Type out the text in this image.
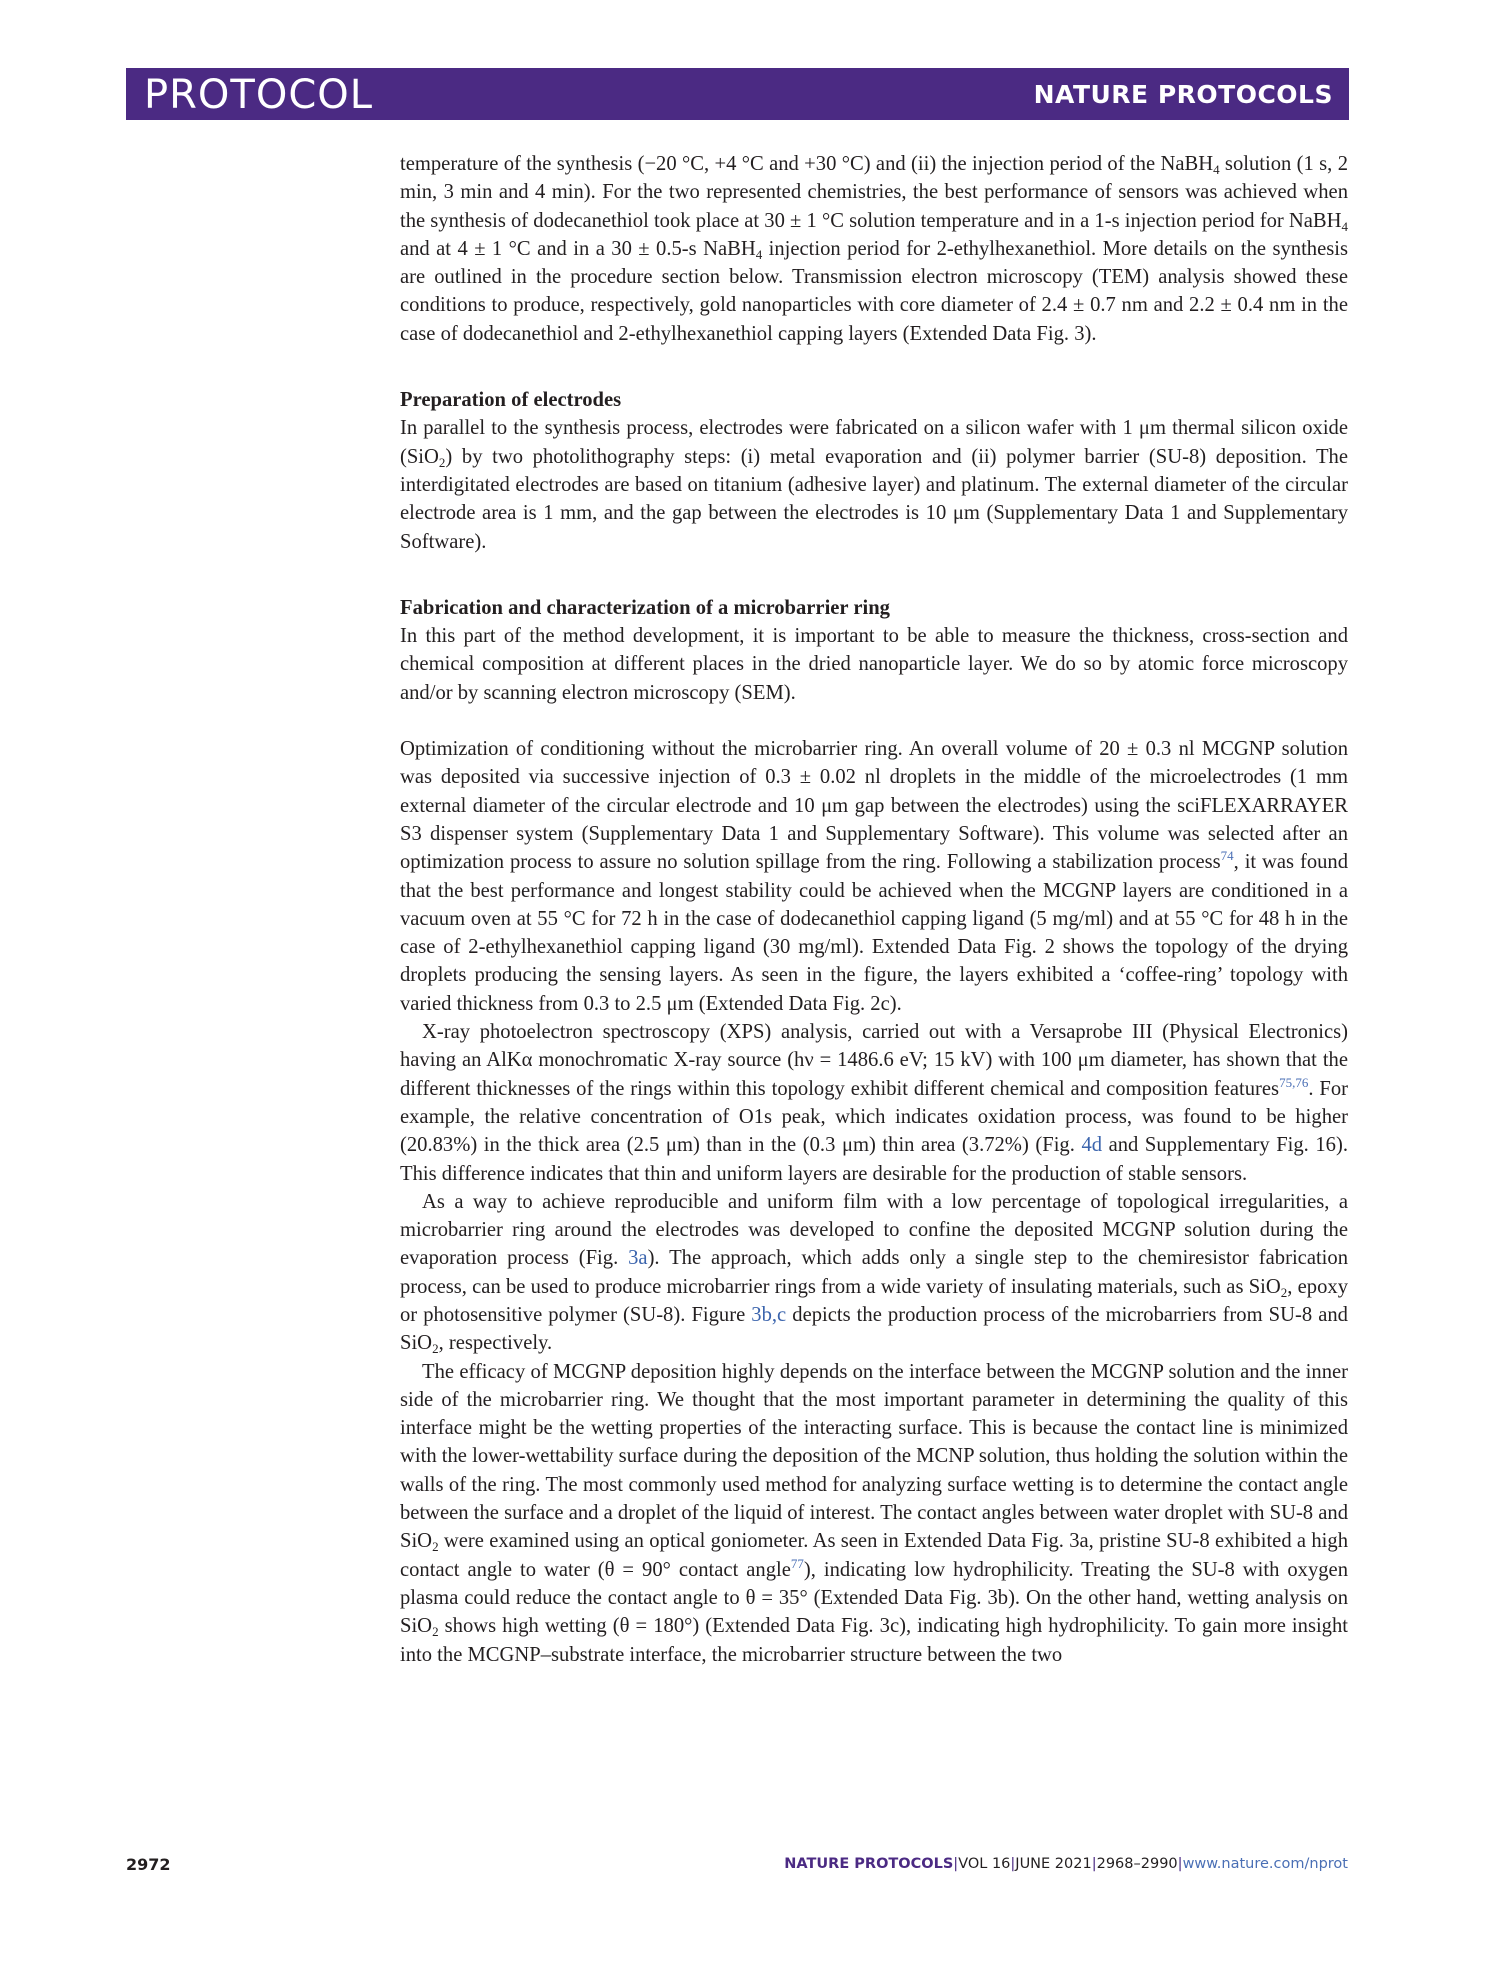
PROTOCOL	NATURE PROTOCOLS

temperature of the synthesis (−20 °C, +4 °C and +30 °C) and (ii) the injection period of the NaBH$_4$ solution (1 s, 2 min, 3 min and 4 min). For the two represented chemistries, the best performance of sensors was achieved when the synthesis of dodecanethiol took place at 30 ± 1 °C solution temperature and in a 1-s injection period for NaBH$_4$ and at 4 ± 1 °C and in a 30 ± 0.5-s NaBH$_4$ injection period for 2-ethylhexanethiol. More details on the synthesis are outlined in the procedure section below. Transmission electron microscopy (TEM) analysis showed these conditions to produce, respectively, gold nanoparticles with core diameter of 2.4 ± 0.7 nm and 2.2 ± 0.4 nm in the case of dodecanethiol and 2-ethylhexanethiol capping layers (Extended Data Fig. 3).

Preparation of electrodes

In parallel to the synthesis process, electrodes were fabricated on a silicon wafer with 1 μm thermal silicon oxide (SiO$_2$) by two photolithography steps: (i) metal evaporation and (ii) polymer barrier (SU-8) deposition. The interdigitated electrodes are based on titanium (adhesive layer) and platinum. The external diameter of the circular electrode area is 1 mm, and the gap between the electrodes is 10 μm (Supplementary Data 1 and Supplementary Software).

Fabrication and characterization of a microbarrier ring

In this part of the method development, it is important to be able to measure the thickness, cross-section and chemical composition at different places in the dried nanoparticle layer. We do so by atomic force microscopy and/or by scanning electron microscopy (SEM).

Optimization of conditioning without the microbarrier ring. An overall volume of 20 ± 0.3 nl MCGNP solution was deposited via successive injection of 0.3 ± 0.02 nl droplets in the middle of the microelectrodes (1 mm external diameter of the circular electrode and 10 μm gap between the electrodes) using the sciFLEXARRAYER S3 dispenser system (Supplementary Data 1 and Supplementary Software). This volume was selected after an optimization process to assure no solution spillage from the ring. Following a stabilization process$^{74}$, it was found that the best performance and longest stability could be achieved when the MCGNP layers are conditioned in a vacuum oven at 55 °C for 72 h in the case of dodecanethiol capping ligand (5 mg/ml) and at 55 °C for 48 h in the case of 2-ethylhexanethiol capping ligand (30 mg/ml). Extended Data Fig. 2 shows the topology of the drying droplets producing the sensing layers. As seen in the figure, the layers exhibited a ‘coffee-ring’ topology with varied thickness from 0.3 to 2.5 μm (Extended Data Fig. 2c).

X-ray photoelectron spectroscopy (XPS) analysis, carried out with a Versaprobe III (Physical Electronics) having an AlKα monochromatic X-ray source (hν = 1486.6 eV; 15 kV) with 100 μm diameter, has shown that the different thicknesses of the rings within this topology exhibit different chemical and composition features$^{75,76}$. For example, the relative concentration of O1s peak, which indicates oxidation process, was found to be higher (20.83%) in the thick area (2.5 μm) than in the (0.3 μm) thin area (3.72%) (Fig. 4d and Supplementary Fig. 16). This difference indicates that thin and uniform layers are desirable for the production of stable sensors.

As a way to achieve reproducible and uniform film with a low percentage of topological irregularities, a microbarrier ring around the electrodes was developed to confine the deposited MCGNP solution during the evaporation process (Fig. 3a). The approach, which adds only a single step to the chemiresistor fabrication process, can be used to produce microbarrier rings from a wide variety of insulating materials, such as SiO$_2$, epoxy or photosensitive polymer (SU-8). Figure 3b,c depicts the production process of the microbarriers from SU-8 and SiO$_2$, respectively.

The efficacy of MCGNP deposition highly depends on the interface between the MCGNP solution and the inner side of the microbarrier ring. We thought that the most important parameter in determining the quality of this interface might be the wetting properties of the interacting surface. This is because the contact line is minimized with the lower-wettability surface during the deposition of the MCNP solution, thus holding the solution within the walls of the ring. The most commonly used method for analyzing surface wetting is to determine the contact angle between the surface and a droplet of the liquid of interest. The contact angles between water droplet with SU-8 and SiO$_2$ were examined using an optical goniometer. As seen in Extended Data Fig. 3a, pristine SU-8 exhibited a high contact angle to water (θ = 90° contact angle$^{77}$), indicating low hydrophilicity. Treating the SU-8 with oxygen plasma could reduce the contact angle to θ = 35° (Extended Data Fig. 3b). On the other hand, wetting analysis on SiO$_2$ shows high wetting (θ = 180°) (Extended Data Fig. 3c), indicating high hydrophilicity. To gain more insight into the MCGNP–substrate interface, the microbarrier structure between the two

2972	NATURE PROTOCOLS|VOL 16|JUNE 2021|2968–2990|www.nature.com/nprot
